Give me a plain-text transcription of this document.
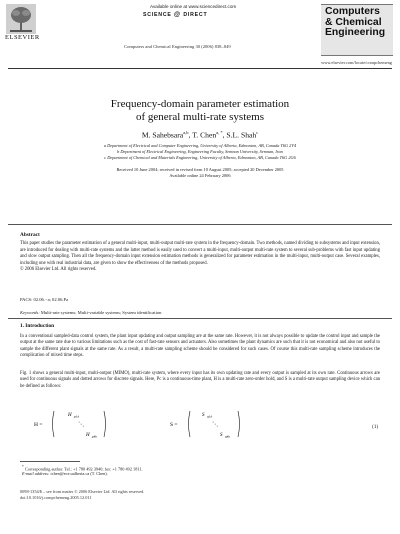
Available online at www.sciencedirect.com
SCIENCE @ DIRECT
ELSEVIER
Computers
& Chemical
Engineering
Computers and Chemical Engineering 30 (2006) 838–849
www.elsevier.com/locate/compchemeng
Frequency-domain parameter estimation
of general multi-rate systems
M. Sahebsara$^{a,b}$, T. Chen$^{a, *}$, S.L. Shah$^c$
a Department of Electrical and Computer Engineering, University of Alberta, Edmonton, AB, Canada T6G 2V4
b Department of Electrical Engineering, Engineering Faculty, Semnan University, Semnan, Iran
c Department of Chemical and Materials Engineering, University of Alberta, Edmonton, AB, Canada T6G 2G6
Received 10 June 2004; received in revised form 10 August 2005; accepted 20 December 2005
Available online 24 February 2006
Abstract
This paper studies the parameter estimation of a general multi-input, multi-output multi-rate system in the frequency-domain. Two methods, named dividing to subsystems and input extension, are introduced for dealing with multi-rate systems and the latter method is easily used to convert a multi-input, multi-output multi-rate system to several sub-problems with fast input updating and slow output sampling. Then all the frequency-domain input extension estimation methods is generalized for parameter estimation in the multi-input, multi-output case. Several examples, including one with real industrial data, are given to show the effectiveness of the methods proposed.
© 2006 Elsevier Ltd. All rights reserved.
PACS: 02.06.−a; 02.06.Pa
Keywords: Multi-rate systems; Multi-variable systems; System identification
1. Introduction
In a conventional sampled-data control system, the plant input updating and output sampling are at the same rate. However, it is not always possible to update the control input and sample the output at the same rate due to various limitations such as the cost of fast-rate sensors and actuators. Also sometimes the plant dynamics are such that it is not economical and also not useful to sample the different plant signals at the same rate. As a result, a multi-rate sampling scheme should be considered for such cases. Of course this multi-rate sampling scheme introduces the complication of mixed time steps.
Fig. 1 shows a general multi-input, multi-output (MIMO), multi-rate system, where every input has its own updating rate and every output is sampled at its own rate. Continuous arrows are used for continuous signals and dotted arrows for discrete signals. Here, Pc is a continuous-time plant, H is a multi-rate zero-order hold, and S is a multi-rate output sampling device which can be defined as follows:
H =
H p1h
⋱
H pkh
S =
S q1h
⋱
S qkh
(1)
* Corresponding author. Tel.: +1 780 492 3940; fax: +1 780 492 1811.
E-mail address: tchen@ece.ualberta.ca (T. Chen).
0098-1354/$ – see front matter © 2006 Elsevier Ltd. All rights reserved.
doi:10.1016/j.compchemeng.2005.12.011
